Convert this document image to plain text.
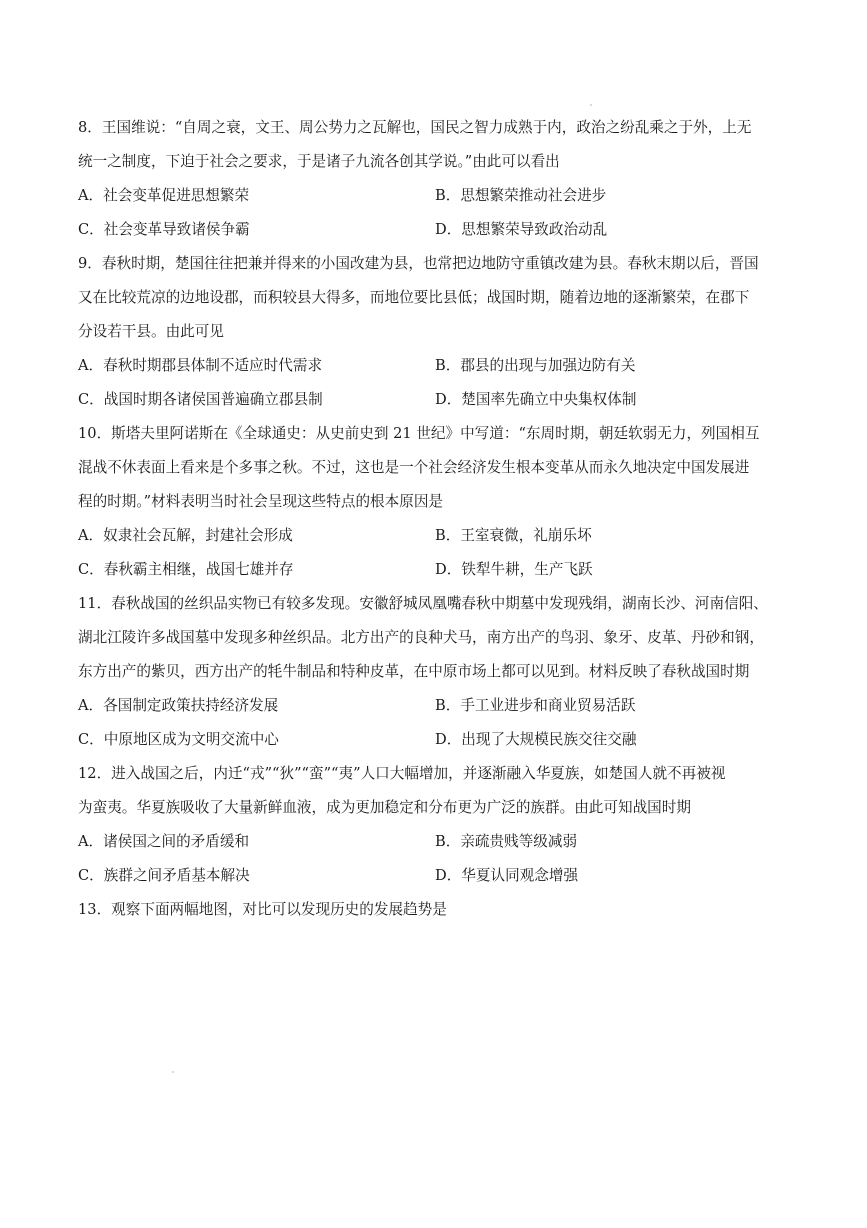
8．王国维说：“自周之衰，文王、周公势力之瓦解也，国民之智力成熟于内，政治之纷乱乘之于外，上无
统一之制度，下迫于社会之要求，于是诸子九流各创其学说。”由此可以看出
A．社会变革促进思想繁荣	B．思想繁荣推动社会进步
C．社会变革导致诸侯争霸	D．思想繁荣导致政治动乱
9．春秋时期，楚国往往把兼并得来的小国改建为县，也常把边地防守重镇改建为县。春秋末期以后，晋国
又在比较荒凉的边地设郡，而积较县大得多，而地位要比县低；战国时期，随着边地的逐渐繁荣，在郡下
分设若干县。由此可见
A．春秋时期郡县体制不适应时代需求	B．郡县的出现与加强边防有关
C．战国时期各诸侯国普遍确立郡县制	D．楚国率先确立中央集权体制
10．斯塔夫里阿诺斯在《全球通史：从史前史到 21 世纪》中写道：“东周时期，朝廷软弱无力，列国相互
混战不休表面上看来是个多事之秋。不过，这也是一个社会经济发生根本变革从而永久地决定中国发展进
程的时期。”材料表明当时社会呈现这些特点的根本原因是
A．奴隶社会瓦解，封建社会形成	B．王室衰微，礼崩乐坏
C．春秋霸主相继，战国七雄并存	D．铁犁牛耕，生产飞跃
11．春秋战国的丝织品实物已有较多发现。安徽舒城凤凰嘴春秋中期墓中发现残绢，湖南长沙、河南信阳、
湖北江陵许多战国墓中发现多种丝织品。北方出产的良种犬马，南方出产的鸟羽、象牙、皮革、丹砂和钢，
东方出产的紫贝，西方出产的牦牛制品和特种皮革，在中原市场上都可以见到。材料反映了春秋战国时期
A．各国制定政策扶持经济发展	B．手工业进步和商业贸易活跃
C．中原地区成为文明交流中心	D．出现了大规模民族交往交融
12．进入战国之后，内迁“戎”“狄”“蛮”“夷”人口大幅增加，并逐渐融入华夏族，如楚国人就不再被视
为蛮夷。华夏族吸收了大量新鲜血液，成为更加稳定和分布更为广泛的族群。由此可知战国时期
A．诸侯国之间的矛盾缓和	B．亲疏贵贱等级减弱
C．族群之间矛盾基本解决	D．华夏认同观念增强
13．观察下面两幅地图，对比可以发现历史的发展趋势是
